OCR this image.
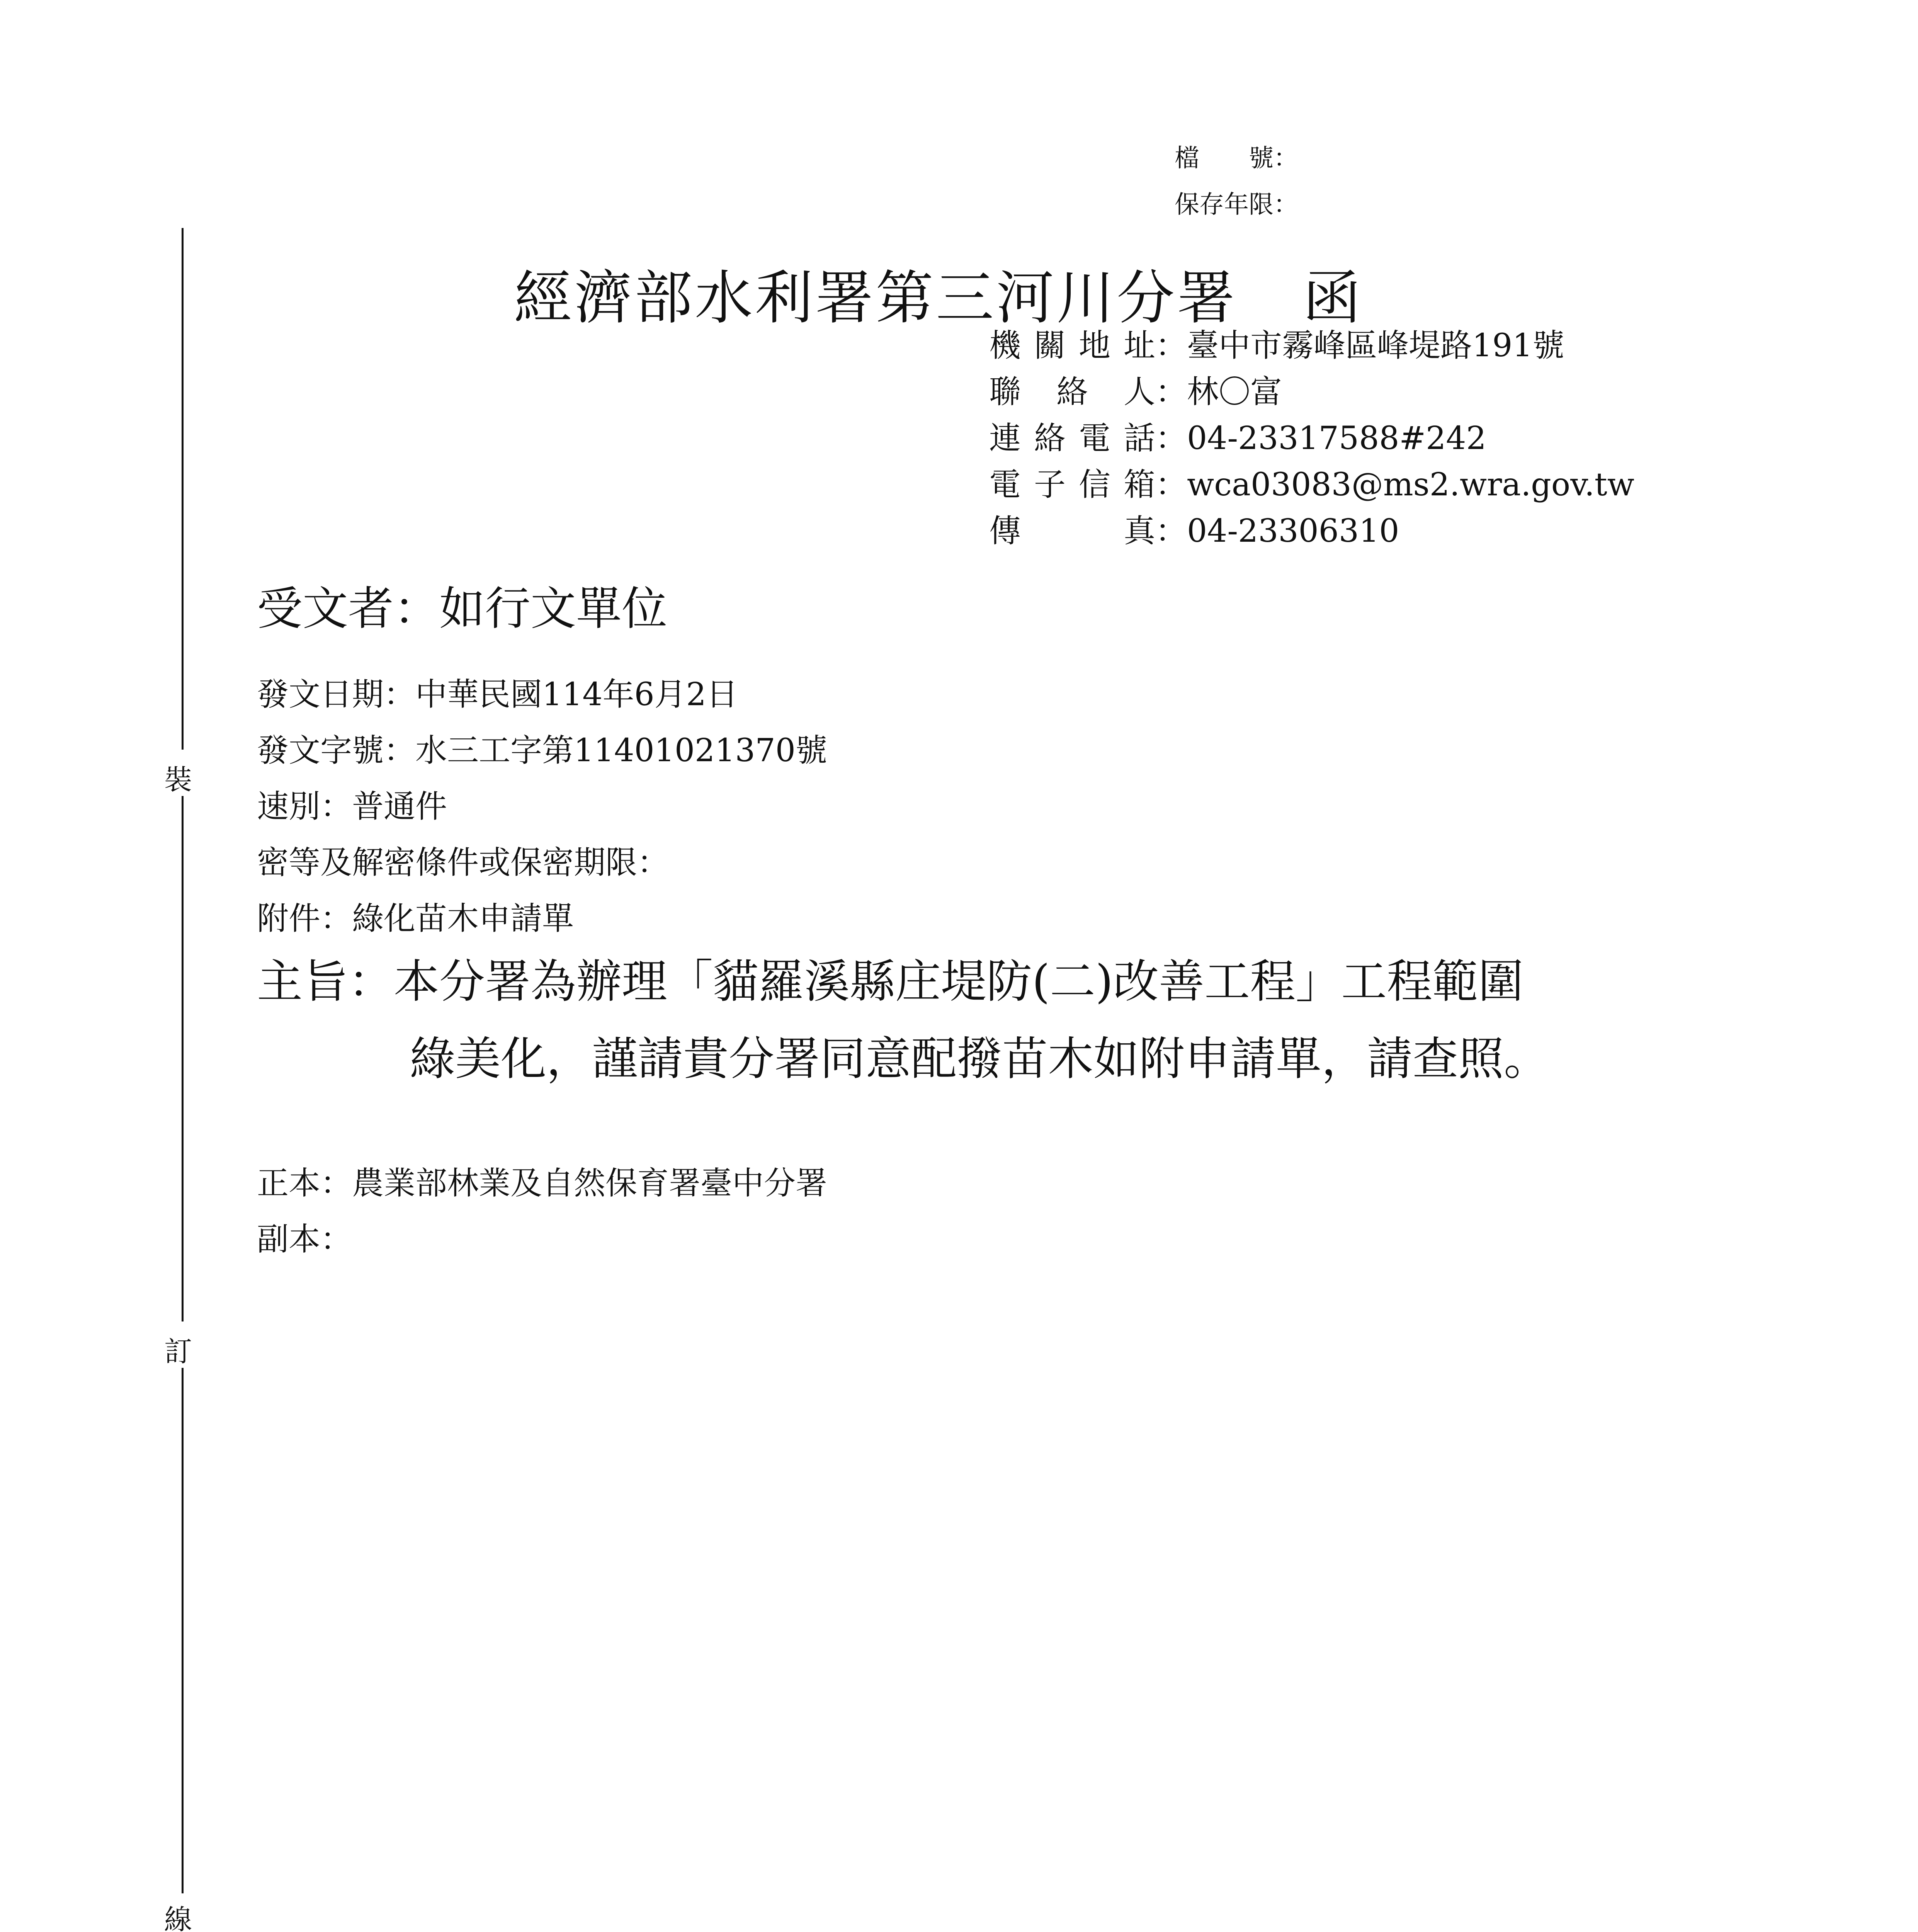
檔　　號：
保存年限：
經濟部水利署第三河川分署 函
機關地址 ：臺中市霧峰區峰堤路191號
聯 絡 人 ：林〇富
連絡電話 ：04-23317588#242
電子信箱 ：wca03083@ms2.wra.gov.tw
傳　　真 ：04-23306310
受文者：如行文單位
發文日期：中華民國114年6月2日
發文字號：水三工字第11401021370號
速別：普通件
密等及解密條件或保密期限：
附件：綠化苗木申請單
主旨：本分署為辦理「貓羅溪縣庄堤防(二)改善工程」工程範圍
綠美化，謹請貴分署同意配撥苗木如附申請單，請查照。
正本：農業部林業及自然保育署臺中分署
副本：
裝
訂
線
